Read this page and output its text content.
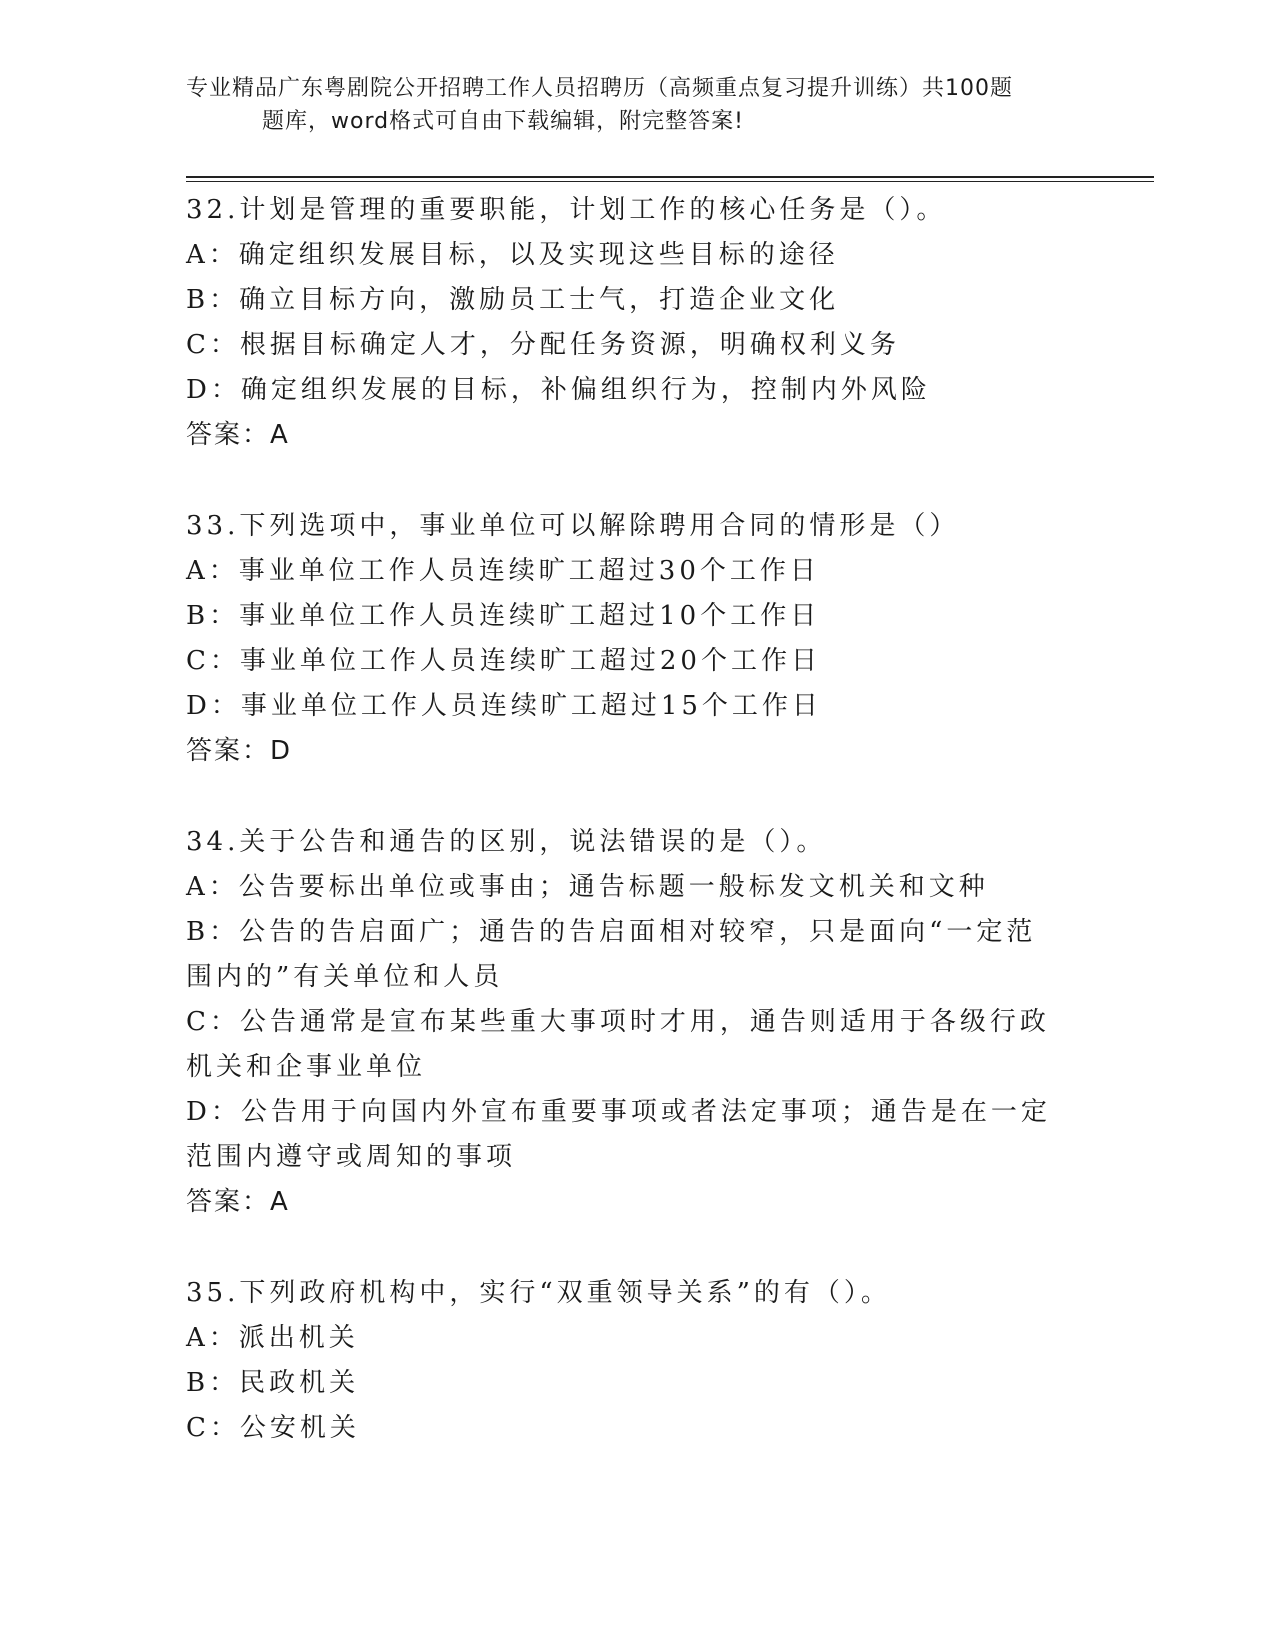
专业精品广东粤剧院公开招聘工作人员招聘历（高频重点复习提升训练）共100题
题库，word格式可自由下载编辑，附完整答案!
32.计划是管理的重要职能，计划工作的核心任务是（）。
A：确定组织发展目标，以及实现这些目标的途径
B：确立目标方向，激励员工士气，打造企业文化
C：根据目标确定人才，分配任务资源，明确权利义务
D：确定组织发展的目标，补偏组织行为，控制内外风险
答案：A
33.下列选项中，事业单位可以解除聘用合同的情形是（）
A：事业单位工作人员连续旷工超过30个工作日
B：事业单位工作人员连续旷工超过10个工作日
C：事业单位工作人员连续旷工超过20个工作日
D：事业单位工作人员连续旷工超过15个工作日
答案：D
34.关于公告和通告的区别，说法错误的是（）。
A：公告要标出单位或事由；通告标题一般标发文机关和文种
B：公告的告启面广；通告的告启面相对较窄，只是面向“一定范围内的”有关单位和人员
C：公告通常是宣布某些重大事项时才用，通告则适用于各级行政机关和企事业单位
D：公告用于向国内外宣布重要事项或者法定事项；通告是在一定范围内遵守或周知的事项
答案：A
35.下列政府机构中，实行“双重领导关系”的有（）。
A：派出机关
B：民政机关
C：公安机关
